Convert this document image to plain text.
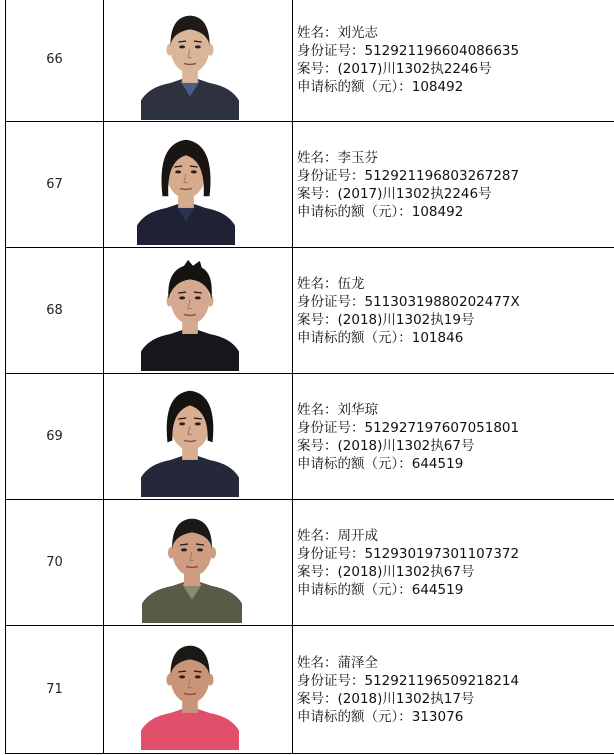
66		姓名：刘光志
身份证号：512921196604086635
案号：(2017)川1302执2246号
申请标的额（元）：108492

67		姓名：李玉芬
身份证号：512921196803267287
案号：(2017)川1302执2246号
申请标的额（元）：108492

68		姓名：伍龙
身份证号：51130319880202477X
案号：(2018)川1302执19号
申请标的额（元）：101846

69		姓名：刘华琼
身份证号：512927197607051801
案号：(2018)川1302执67号
申请标的额（元）：644519

70		姓名：周开成
身份证号：512930197301107372
案号：(2018)川1302执67号
申请标的额（元）：644519

71		姓名：蒲泽全
身份证号：512921196509218214
案号：(2018)川1302执17号
申请标的额（元）：313076
